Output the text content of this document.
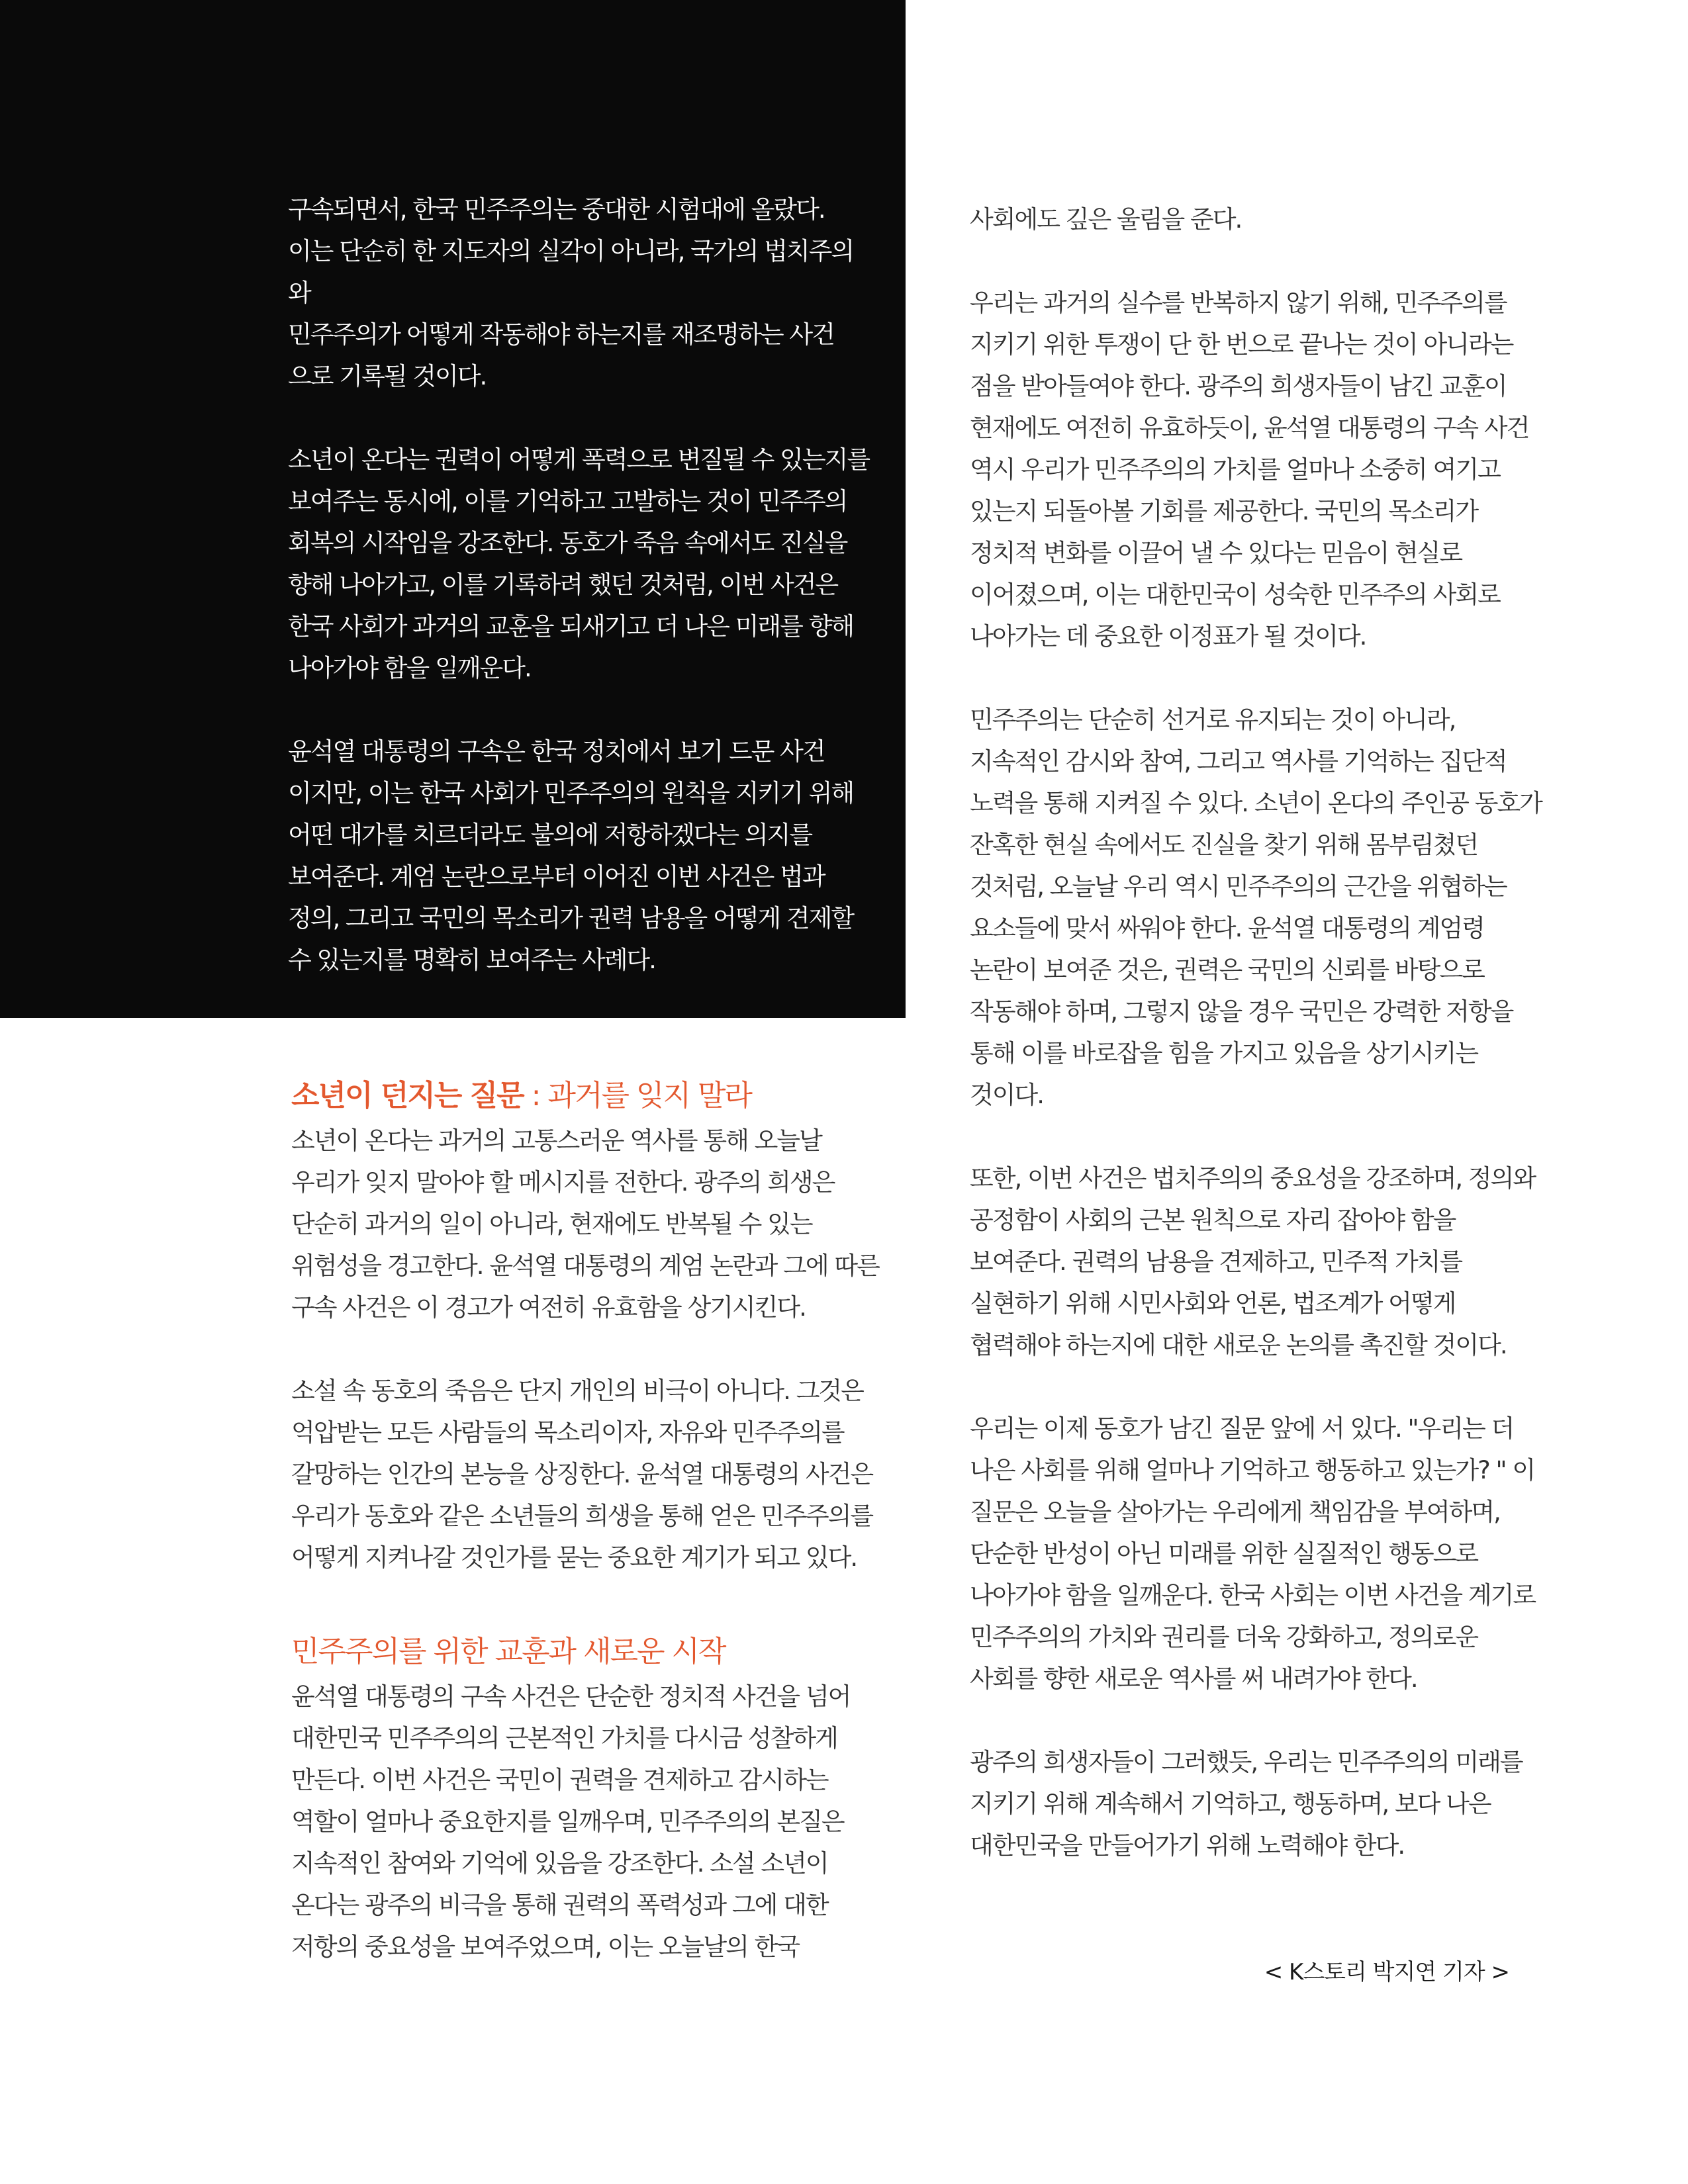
구속되면서, 한국 민주주의는 중대한 시험대에 올랐다.
이는 단순히 한 지도자의 실각이 아니라, 국가의 법치주의와
민주주의가 어떻게 작동해야 하는지를 재조명하는 사건
으로 기록될 것이다.

소년이 온다는 권력이 어떻게 폭력으로 변질될 수 있는지를
보여주는 동시에, 이를 기억하고 고발하는 것이 민주주의
회복의 시작임을 강조한다. 동호가 죽음 속에서도 진실을
향해 나아가고, 이를 기록하려 했던 것처럼, 이번 사건은
한국 사회가 과거의 교훈을 되새기고 더 나은 미래를 향해
나아가야 함을 일깨운다.

윤석열 대통령의 구속은 한국 정치에서 보기 드문 사건
이지만, 이는 한국 사회가 민주주의의 원칙을 지키기 위해
어떤 대가를 치르더라도 불의에 저항하겠다는 의지를
보여준다. 계엄 논란으로부터 이어진 이번 사건은 법과
정의, 그리고 국민의 목소리가 권력 남용을 어떻게 견제할
수 있는지를 명확히 보여주는 사례다.

소년이 던지는 질문 : 과거를 잊지 말라

소년이 온다는 과거의 고통스러운 역사를 통해 오늘날
우리가 잊지 말아야 할 메시지를 전한다. 광주의 희생은
단순히 과거의 일이 아니라, 현재에도 반복될 수 있는
위험성을 경고한다. 윤석열 대통령의 계엄 논란과 그에 따른
구속 사건은 이 경고가 여전히 유효함을 상기시킨다.

소설 속 동호의 죽음은 단지 개인의 비극이 아니다. 그것은
억압받는 모든 사람들의 목소리이자, 자유와 민주주의를
갈망하는 인간의 본능을 상징한다. 윤석열 대통령의 사건은
우리가 동호와 같은 소년들의 희생을 통해 얻은 민주주의를
어떻게 지켜나갈 것인가를 묻는 중요한 계기가 되고 있다.

민주주의를 위한 교훈과 새로운 시작

윤석열 대통령의 구속 사건은 단순한 정치적 사건을 넘어
대한민국 민주주의의 근본적인 가치를 다시금 성찰하게
만든다. 이번 사건은 국민이 권력을 견제하고 감시하는
역할이 얼마나 중요한지를 일깨우며, 민주주의의 본질은
지속적인 참여와 기억에 있음을 강조한다. 소설 소년이
온다는 광주의 비극을 통해 권력의 폭력성과 그에 대한
저항의 중요성을 보여주었으며, 이는 오늘날의 한국

사회에도 깊은 울림을 준다.

우리는 과거의 실수를 반복하지 않기 위해, 민주주의를
지키기 위한 투쟁이 단 한 번으로 끝나는 것이 아니라는
점을 받아들여야 한다. 광주의 희생자들이 남긴 교훈이
현재에도 여전히 유효하듯이, 윤석열 대통령의 구속 사건
역시 우리가 민주주의의 가치를 얼마나 소중히 여기고
있는지 되돌아볼 기회를 제공한다. 국민의 목소리가
정치적 변화를 이끌어 낼 수 있다는 믿음이 현실로
이어졌으며, 이는 대한민국이 성숙한 민주주의 사회로
나아가는 데 중요한 이정표가 될 것이다.

민주주의는 단순히 선거로 유지되는 것이 아니라,
지속적인 감시와 참여, 그리고 역사를 기억하는 집단적
노력을 통해 지켜질 수 있다. 소년이 온다의 주인공 동호가
잔혹한 현실 속에서도 진실을 찾기 위해 몸부림쳤던
것처럼, 오늘날 우리 역시 민주주의의 근간을 위협하는
요소들에 맞서 싸워야 한다. 윤석열 대통령의 계엄령
논란이 보여준 것은, 권력은 국민의 신뢰를 바탕으로
작동해야 하며, 그렇지 않을 경우 국민은 강력한 저항을
통해 이를 바로잡을 힘을 가지고 있음을 상기시키는
것이다.

또한, 이번 사건은 법치주의의 중요성을 강조하며, 정의와
공정함이 사회의 근본 원칙으로 자리 잡아야 함을
보여준다. 권력의 남용을 견제하고, 민주적 가치를
실현하기 위해 시민사회와 언론, 법조계가 어떻게
협력해야 하는지에 대한 새로운 논의를 촉진할 것이다.

우리는 이제 동호가 남긴 질문 앞에 서 있다. "우리는 더
나은 사회를 위해 얼마나 기억하고 행동하고 있는가? " 이
질문은 오늘을 살아가는 우리에게 책임감을 부여하며,
단순한 반성이 아닌 미래를 위한 실질적인 행동으로
나아가야 함을 일깨운다. 한국 사회는 이번 사건을 계기로
민주주의의 가치와 권리를 더욱 강화하고, 정의로운
사회를 향한 새로운 역사를 써 내려가야 한다.

광주의 희생자들이 그러했듯, 우리는 민주주의의 미래를
지키기 위해 계속해서 기억하고, 행동하며, 보다 나은
대한민국을 만들어가기 위해 노력해야 한다.

< K스토리 박지연 기자 >
